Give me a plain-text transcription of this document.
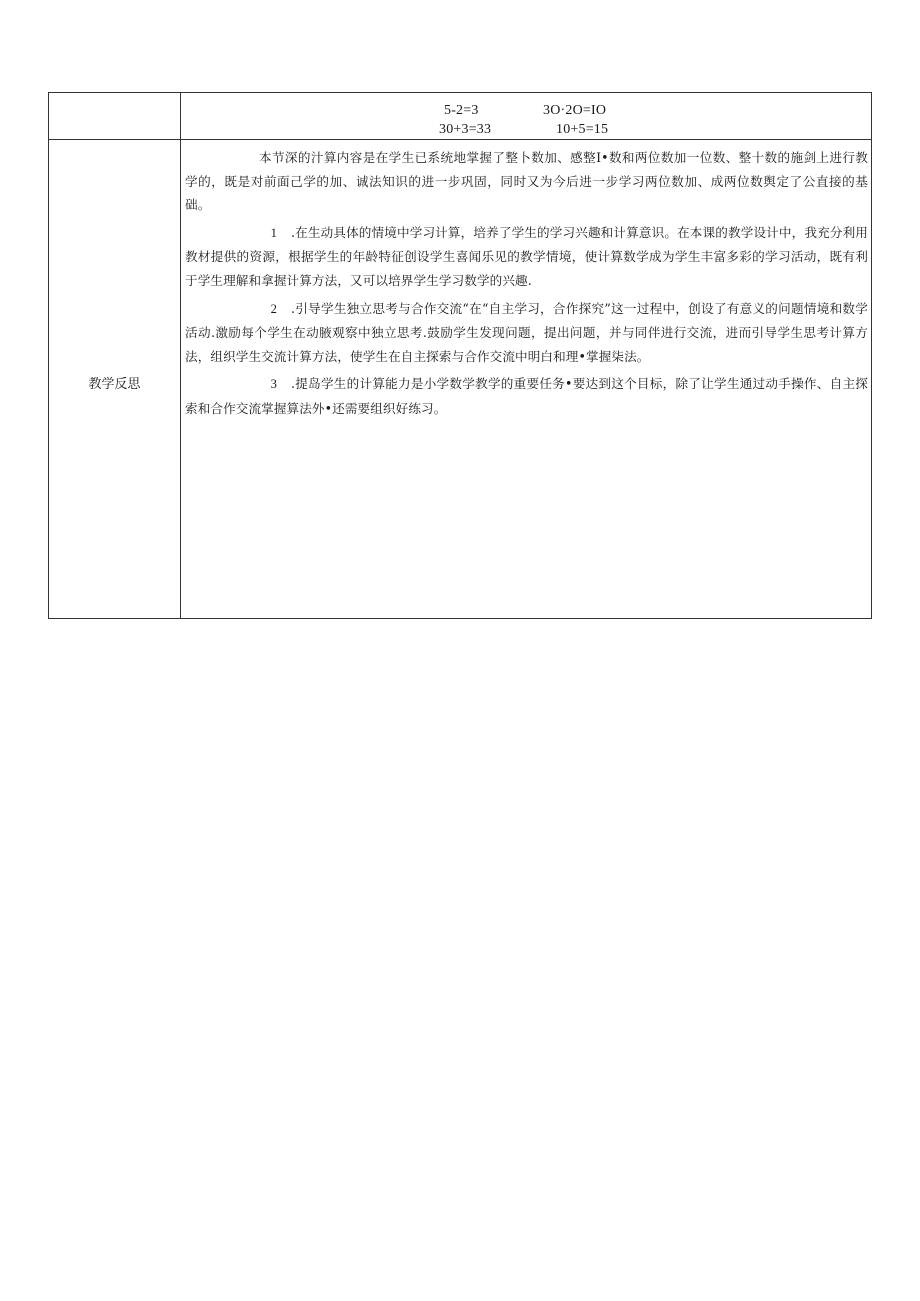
	5-2=3 3O·2O=IO
30+3=33 10+5=15

教学反思	本节深的汁算内容是在学生已系统地掌握了整卜数加、感整I•数和两位数加一位数、整十数的施剑上进行教学的，既是对前面己学的加、诚法知识的进一步巩固，同时又为今后进一步学习两位数加、成两位数舆定了公直接的基础。

1 .在生动具体的情境中学习计算，培养了学生的学习兴趣和计算意识。在本课的教学设计中，我充分利用教材提供的资源，根据学生的年龄特征创设学生喜闻乐见的教学情境，使计算数学成为学生丰富多彩的学习活动，既有利于学生理解和拿握计算方法，又可以培界学生学习数学的兴趣.

2 .引导学生独立思考与合作交流“在“自主学习，合作探究”这一过程中，创设了有意义的问题情境和数学活动.激励每个学生在动腋观察中独立思考.鼓励学生发现问题，提出问题，并与同伴进行交流，进而引导学生思考计算方法，组织学生交流计算方法，使学生在自主探索与合作交流中明白和理•掌握柒法。

3 .提岛学生的计算能力是小学数学教学的重要任务•要达到这个目标，除了让学生通过动手操作、自主探索和合作交流掌握算法外•还需要组织好练习。
